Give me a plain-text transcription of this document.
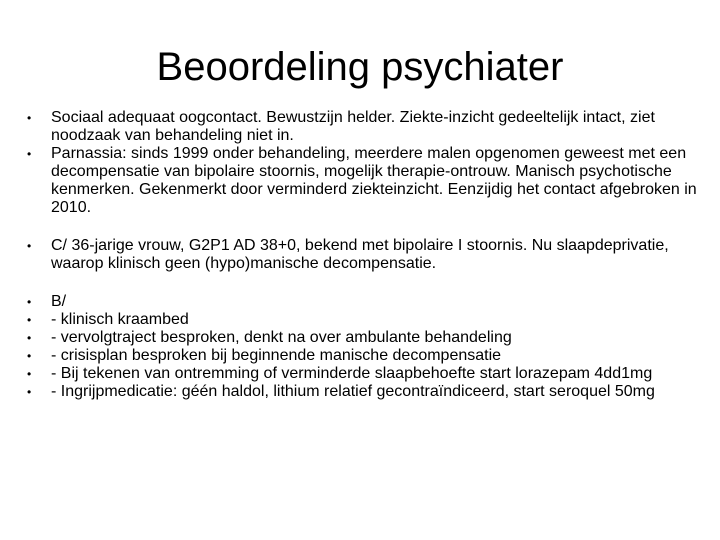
Beoordeling psychiater
•	Sociaal adequaat oogcontact. Bewustzijn helder. Ziekte-inzicht gedeeltelijk intact, ziet noodzaak van behandeling niet in.
•	Parnassia: sinds 1999 onder behandeling, meerdere malen opgenomen geweest met een decompensatie van bipolaire stoornis, mogelijk therapie-ontrouw. Manisch psychotische kenmerken. Gekenmerkt door verminderd ziekteinzicht. Eenzijdig het contact afgebroken in 2010.
•	C/ 36-jarige vrouw, G2P1 AD 38+0, bekend met bipolaire I stoornis. Nu slaapdeprivatie, waarop klinisch geen (hypo)manische decompensatie.
•	B/
•	- klinisch kraambed
•	- vervolgtraject besproken, denkt na over ambulante behandeling
•	- crisisplan besproken bij beginnende manische decompensatie
•	- Bij tekenen van ontremming of verminderde slaapbehoefte start lorazepam 4dd1mg
•	- Ingrijpmedicatie: géén haldol, lithium relatief gecontraïndiceerd, start seroquel 50mg
